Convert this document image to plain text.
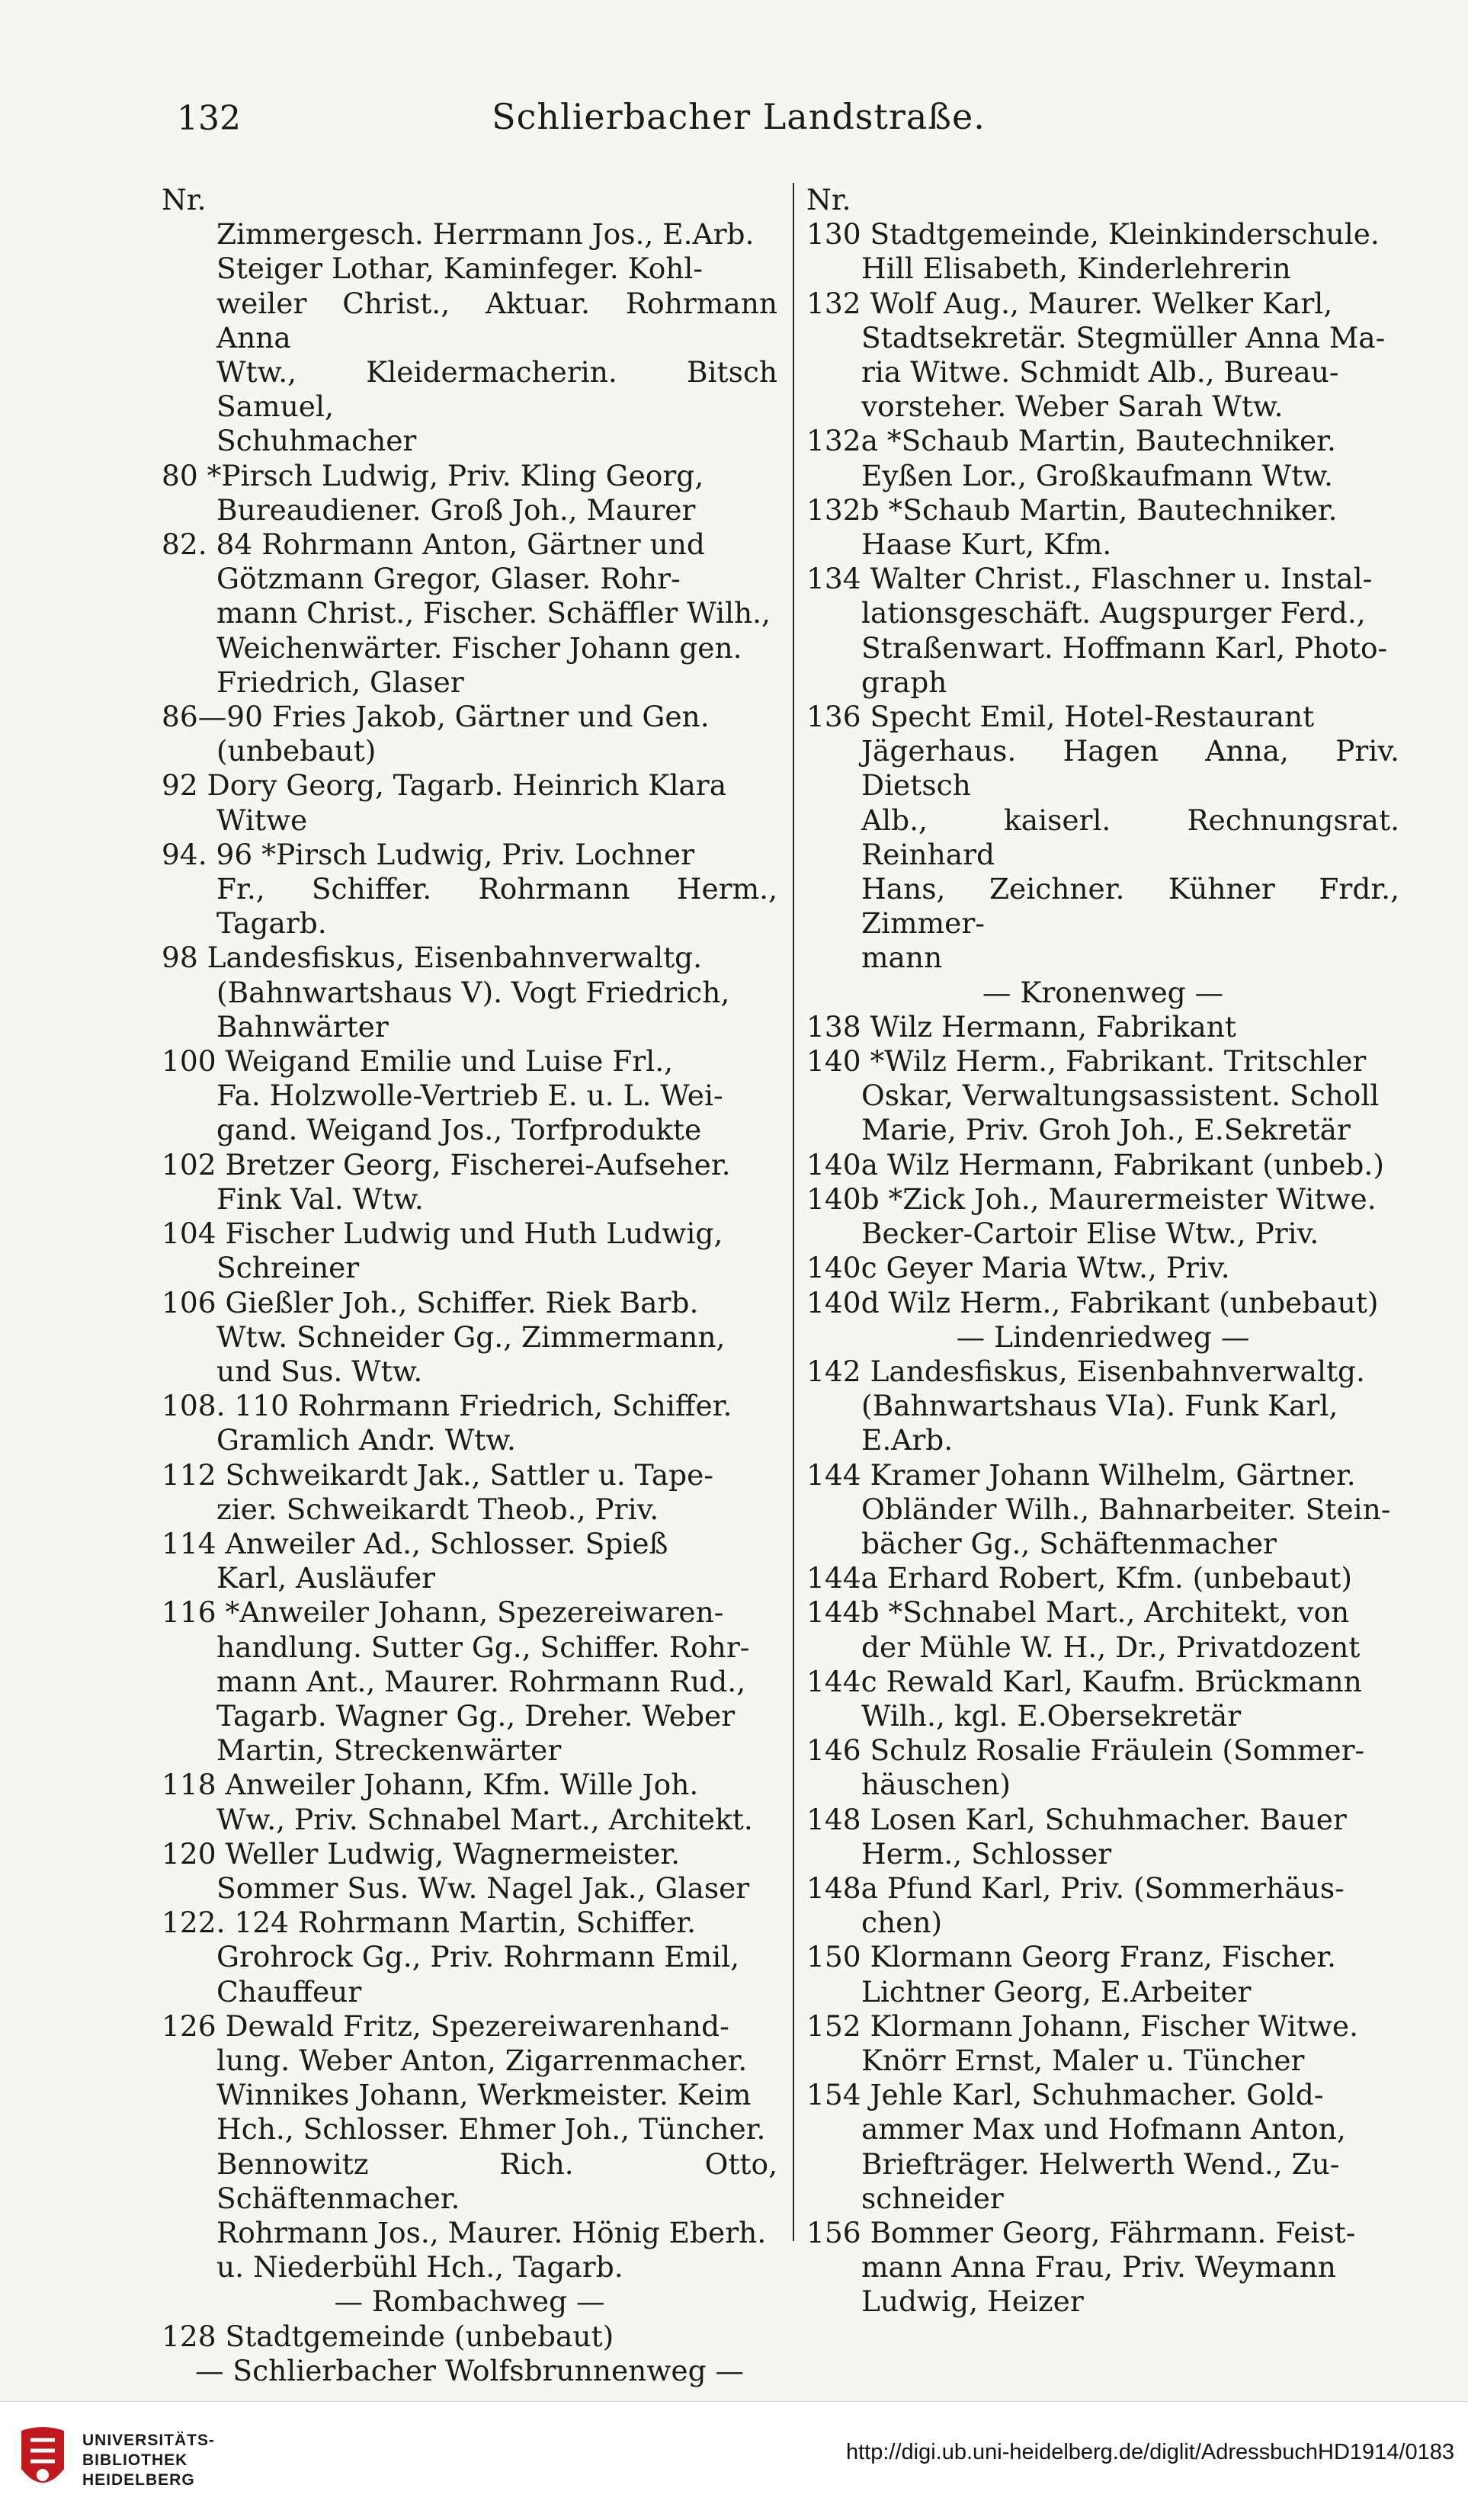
132	Schlierbacher Landstraße.
Nr.
Zimmergesch. Herrmann Jos., E.Arb.
Steiger Lothar, Kaminfeger. Kohl-
weiler Christ., Aktuar. Rohrmann Anna
Wtw., Kleidermacherin. Bitsch Samuel,
Schuhmacher
80 *Pirsch Ludwig, Priv. Kling Georg,
Bureaudiener. Groß Joh., Maurer
82. 84 Rohrmann Anton, Gärtner und
Götzmann Gregor, Glaser. Rohr-
mann Christ., Fischer. Schäffler Wilh.,
Weichenwärter. Fischer Johann gen.
Friedrich, Glaser
86—90 Fries Jakob, Gärtner und Gen.
(unbebaut)
92 Dory Georg, Tagarb. Heinrich Klara
Witwe
94. 96 *Pirsch Ludwig, Priv. Lochner
Fr., Schiffer. Rohrmann Herm., Tagarb.
98 Landesfiskus, Eisenbahnverwaltg.
(Bahnwartshaus V). Vogt Friedrich,
Bahnwärter
100 Weigand Emilie und Luise Frl.,
Fa. Holzwolle-Vertrieb E. u. L. Wei-
gand. Weigand Jos., Torfprodukte
102 Bretzer Georg, Fischerei-Aufseher.
Fink Val. Wtw.
104 Fischer Ludwig und Huth Ludwig,
Schreiner
106 Gießler Joh., Schiffer. Riek Barb.
Wtw. Schneider Gg., Zimmermann,
und Sus. Wtw.
108. 110 Rohrmann Friedrich, Schiffer.
Gramlich Andr. Wtw.
112 Schweikardt Jak., Sattler u. Tape-
zier. Schweikardt Theob., Priv.
114 Anweiler Ad., Schlosser. Spieß
Karl, Ausläufer
116 *Anweiler Johann, Spezereiwaren-
handlung. Sutter Gg., Schiffer. Rohr-
mann Ant., Maurer. Rohrmann Rud.,
Tagarb. Wagner Gg., Dreher. Weber
Martin, Streckenwärter
118 Anweiler Johann, Kfm. Wille Joh.
Ww., Priv. Schnabel Mart., Architekt.
120 Weller Ludwig, Wagnermeister.
Sommer Sus. Ww. Nagel Jak., Glaser
122. 124 Rohrmann Martin, Schiffer.
Grohrock Gg., Priv. Rohrmann Emil,
Chauffeur
126 Dewald Fritz, Spezereiwarenhand-
lung. Weber Anton, Zigarrenmacher.
Winnikes Johann, Werkmeister. Keim
Hch., Schlosser. Ehmer Joh., Tüncher.
Bennowitz Rich. Otto, Schäftenmacher.
Rohrmann Jos., Maurer. Hönig Eberh.
u. Niederbühl Hch., Tagarb.
— Rombachweg —
128 Stadtgemeinde (unbebaut)
— Schlierbacher Wolfsbrunnenweg —
Nr.
130 Stadtgemeinde, Kleinkinderschule.
Hill Elisabeth, Kinderlehrerin
132 Wolf Aug., Maurer. Welker Karl,
Stadtsekretär. Stegmüller Anna Ma-
ria Witwe. Schmidt Alb., Bureau-
vorsteher. Weber Sarah Wtw.
132a *Schaub Martin, Bautechniker.
Eyßen Lor., Großkaufmann Wtw.
132b *Schaub Martin, Bautechniker.
Haase Kurt, Kfm.
134 Walter Christ., Flaschner u. Instal-
lationsgeschäft. Augspurger Ferd.,
Straßenwart. Hoffmann Karl, Photo-
graph
136 Specht Emil, Hotel-Restaurant
Jägerhaus. Hagen Anna, Priv. Dietsch
Alb., kaiserl. Rechnungsrat. Reinhard
Hans, Zeichner. Kühner Frdr., Zimmer-
mann
— Kronenweg —
138 Wilz Hermann, Fabrikant
140 *Wilz Herm., Fabrikant. Tritschler
Oskar, Verwaltungsassistent. Scholl
Marie, Priv. Groh Joh., E.Sekretär
140a Wilz Hermann, Fabrikant (unbeb.)
140b *Zick Joh., Maurermeister Witwe.
Becker-Cartoir Elise Wtw., Priv.
140c Geyer Maria Wtw., Priv.
140d Wilz Herm., Fabrikant (unbebaut)
— Lindenriedweg —
142 Landesfiskus, Eisenbahnverwaltg.
(Bahnwartshaus VIa). Funk Karl,
E.Arb.
144 Kramer Johann Wilhelm, Gärtner.
Obländer Wilh., Bahnarbeiter. Stein-
bächer Gg., Schäftenmacher
144a Erhard Robert, Kfm. (unbebaut)
144b *Schnabel Mart., Architekt, von
der Mühle W. H., Dr., Privatdozent
144c Rewald Karl, Kaufm. Brückmann
Wilh., kgl. E.Obersekretär
146 Schulz Rosalie Fräulein (Sommer-
häuschen)
148 Losen Karl, Schuhmacher. Bauer
Herm., Schlosser
148a Pfund Karl, Priv. (Sommerhäus-
chen)
150 Klormann Georg Franz, Fischer.
Lichtner Georg, E.Arbeiter
152 Klormann Johann, Fischer Witwe.
Knörr Ernst, Maler u. Tüncher
154 Jehle Karl, Schuhmacher. Gold-
ammer Max und Hofmann Anton,
Briefträger. Helwerth Wend., Zu-
schneider
156 Bommer Georg, Fährmann. Feist-
mann Anna Frau, Priv. Weymann
Ludwig, Heizer
UNIVERSITÄTS-
BIBLIOTHEK
HEIDELBERG
http://digi.ub.uni-heidelberg.de/diglit/AdressbuchHD1914/0183
